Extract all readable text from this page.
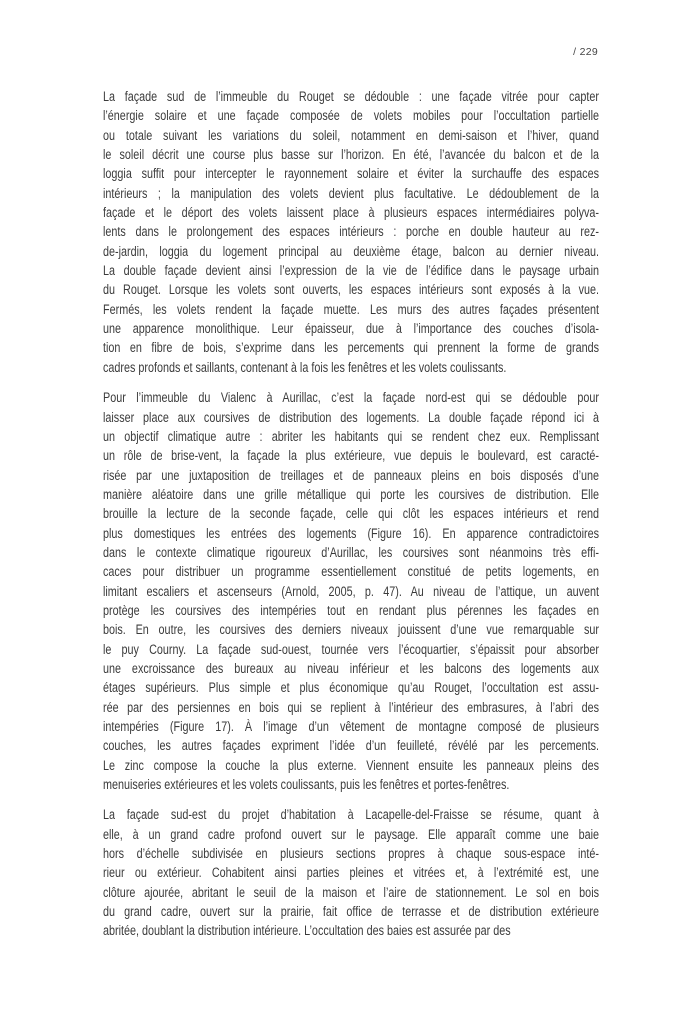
/ 229
La façade sud de l’immeuble du Rouget se dédouble : une façade vitrée pour capter
l’énergie solaire et une façade composée de volets mobiles pour l’occultation partielle
ou totale suivant les variations du soleil, notamment en demi-saison et l’hiver, quand
le soleil décrit une course plus basse sur l’horizon. En été, l’avancée du balcon et de la
loggia suffit pour intercepter le rayonnement solaire et éviter la surchauffe des espaces
intérieurs ; la manipulation des volets devient plus facultative. Le dédoublement de la
façade et le déport des volets laissent place à plusieurs espaces intermédiaires polyva-
lents dans le prolongement des espaces intérieurs : porche en double hauteur au rez-
de-jardin, loggia du logement principal au deuxième étage, balcon au dernier niveau.
La double façade devient ainsi l’expression de la vie de l’édifice dans le paysage urbain
du Rouget. Lorsque les volets sont ouverts, les espaces intérieurs sont exposés à la vue.
Fermés, les volets rendent la façade muette. Les murs des autres façades présentent
une apparence monolithique. Leur épaisseur, due à l’importance des couches d’isola-
tion en fibre de bois, s’exprime dans les percements qui prennent la forme de grands
cadres profonds et saillants, contenant à la fois les fenêtres et les volets coulissants.
Pour l’immeuble du Vialenc à Aurillac, c’est la façade nord-est qui se dédouble pour
laisser place aux coursives de distribution des logements. La double façade répond ici à
un objectif climatique autre : abriter les habitants qui se rendent chez eux. Remplissant
un rôle de brise-vent, la façade la plus extérieure, vue depuis le boulevard, est caracté-
risée par une juxtaposition de treillages et de panneaux pleins en bois disposés d’une
manière aléatoire dans une grille métallique qui porte les coursives de distribution. Elle
brouille la lecture de la seconde façade, celle qui clôt les espaces intérieurs et rend
plus domestiques les entrées des logements (Figure 16). En apparence contradictoires
dans le contexte climatique rigoureux d’Aurillac, les coursives sont néanmoins très effi-
caces pour distribuer un programme essentiellement constitué de petits logements, en
limitant escaliers et ascenseurs (Arnold, 2005, p. 47). Au niveau de l’attique, un auvent
protège les coursives des intempéries tout en rendant plus pérennes les façades en
bois. En outre, les coursives des derniers niveaux jouissent d’une vue remarquable sur
le puy Courny. La façade sud-ouest, tournée vers l’écoquartier, s’épaissit pour absorber
une excroissance des bureaux au niveau inférieur et les balcons des logements aux
étages supérieurs. Plus simple et plus économique qu’au Rouget, l’occultation est assu-
rée par des persiennes en bois qui se replient à l’intérieur des embrasures, à l’abri des
intempéries (Figure 17). À l’image d’un vêtement de montagne composé de plusieurs
couches, les autres façades expriment l’idée d’un feuilleté, révélé par les percements.
Le zinc compose la couche la plus externe. Viennent ensuite les panneaux pleins des
menuiseries extérieures et les volets coulissants, puis les fenêtres et portes-fenêtres.
La façade sud-est du projet d’habitation à Lacapelle-del-Fraisse se résume, quant à
elle, à un grand cadre profond ouvert sur le paysage. Elle apparaît comme une baie
hors d’échelle subdivisée en plusieurs sections propres à chaque sous-espace inté-
rieur ou extérieur. Cohabitent ainsi parties pleines et vitrées et, à l’extrémité est, une
clôture ajourée, abritant le seuil de la maison et l’aire de stationnement. Le sol en bois
du grand cadre, ouvert sur la prairie, fait office de terrasse et de distribution extérieure
abritée, doublant la distribution intérieure. L’occultation des baies est assurée par des
